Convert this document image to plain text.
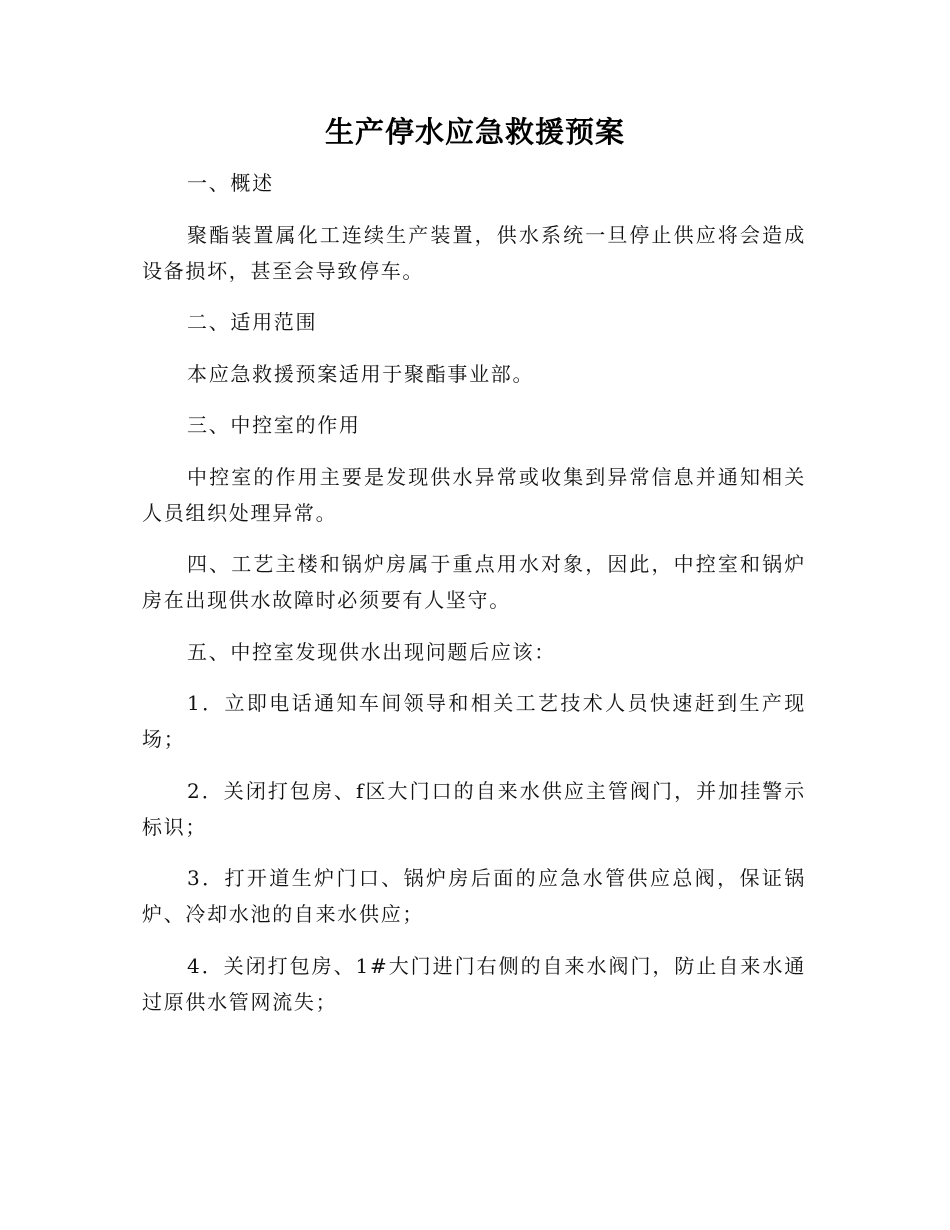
生产停水应急救援预案

一、概述

聚酯装置属化工连续生产装置，供水系统一旦停止供应将会造成设备损坏，甚至会导致停车。

二、适用范围

本应急救援预案适用于聚酯事业部。

三、中控室的作用

中控室的作用主要是发现供水异常或收集到异常信息并通知相关人员组织处理异常。

四、工艺主楼和锅炉房属于重点用水对象，因此，中控室和锅炉房在出现供水故障时必须要有人坚守。

五、中控室发现供水出现问题后应该：

1．立即电话通知车间领导和相关工艺技术人员快速赶到生产现场；

2．关闭打包房、f区大门口的自来水供应主管阀门，并加挂警示标识；

3．打开道生炉门口、锅炉房后面的应急水管供应总阀，保证锅炉、冷却水池的自来水供应；

4．关闭打包房、1#大门进门右侧的自来水阀门，防止自来水通过原供水管网流失；
